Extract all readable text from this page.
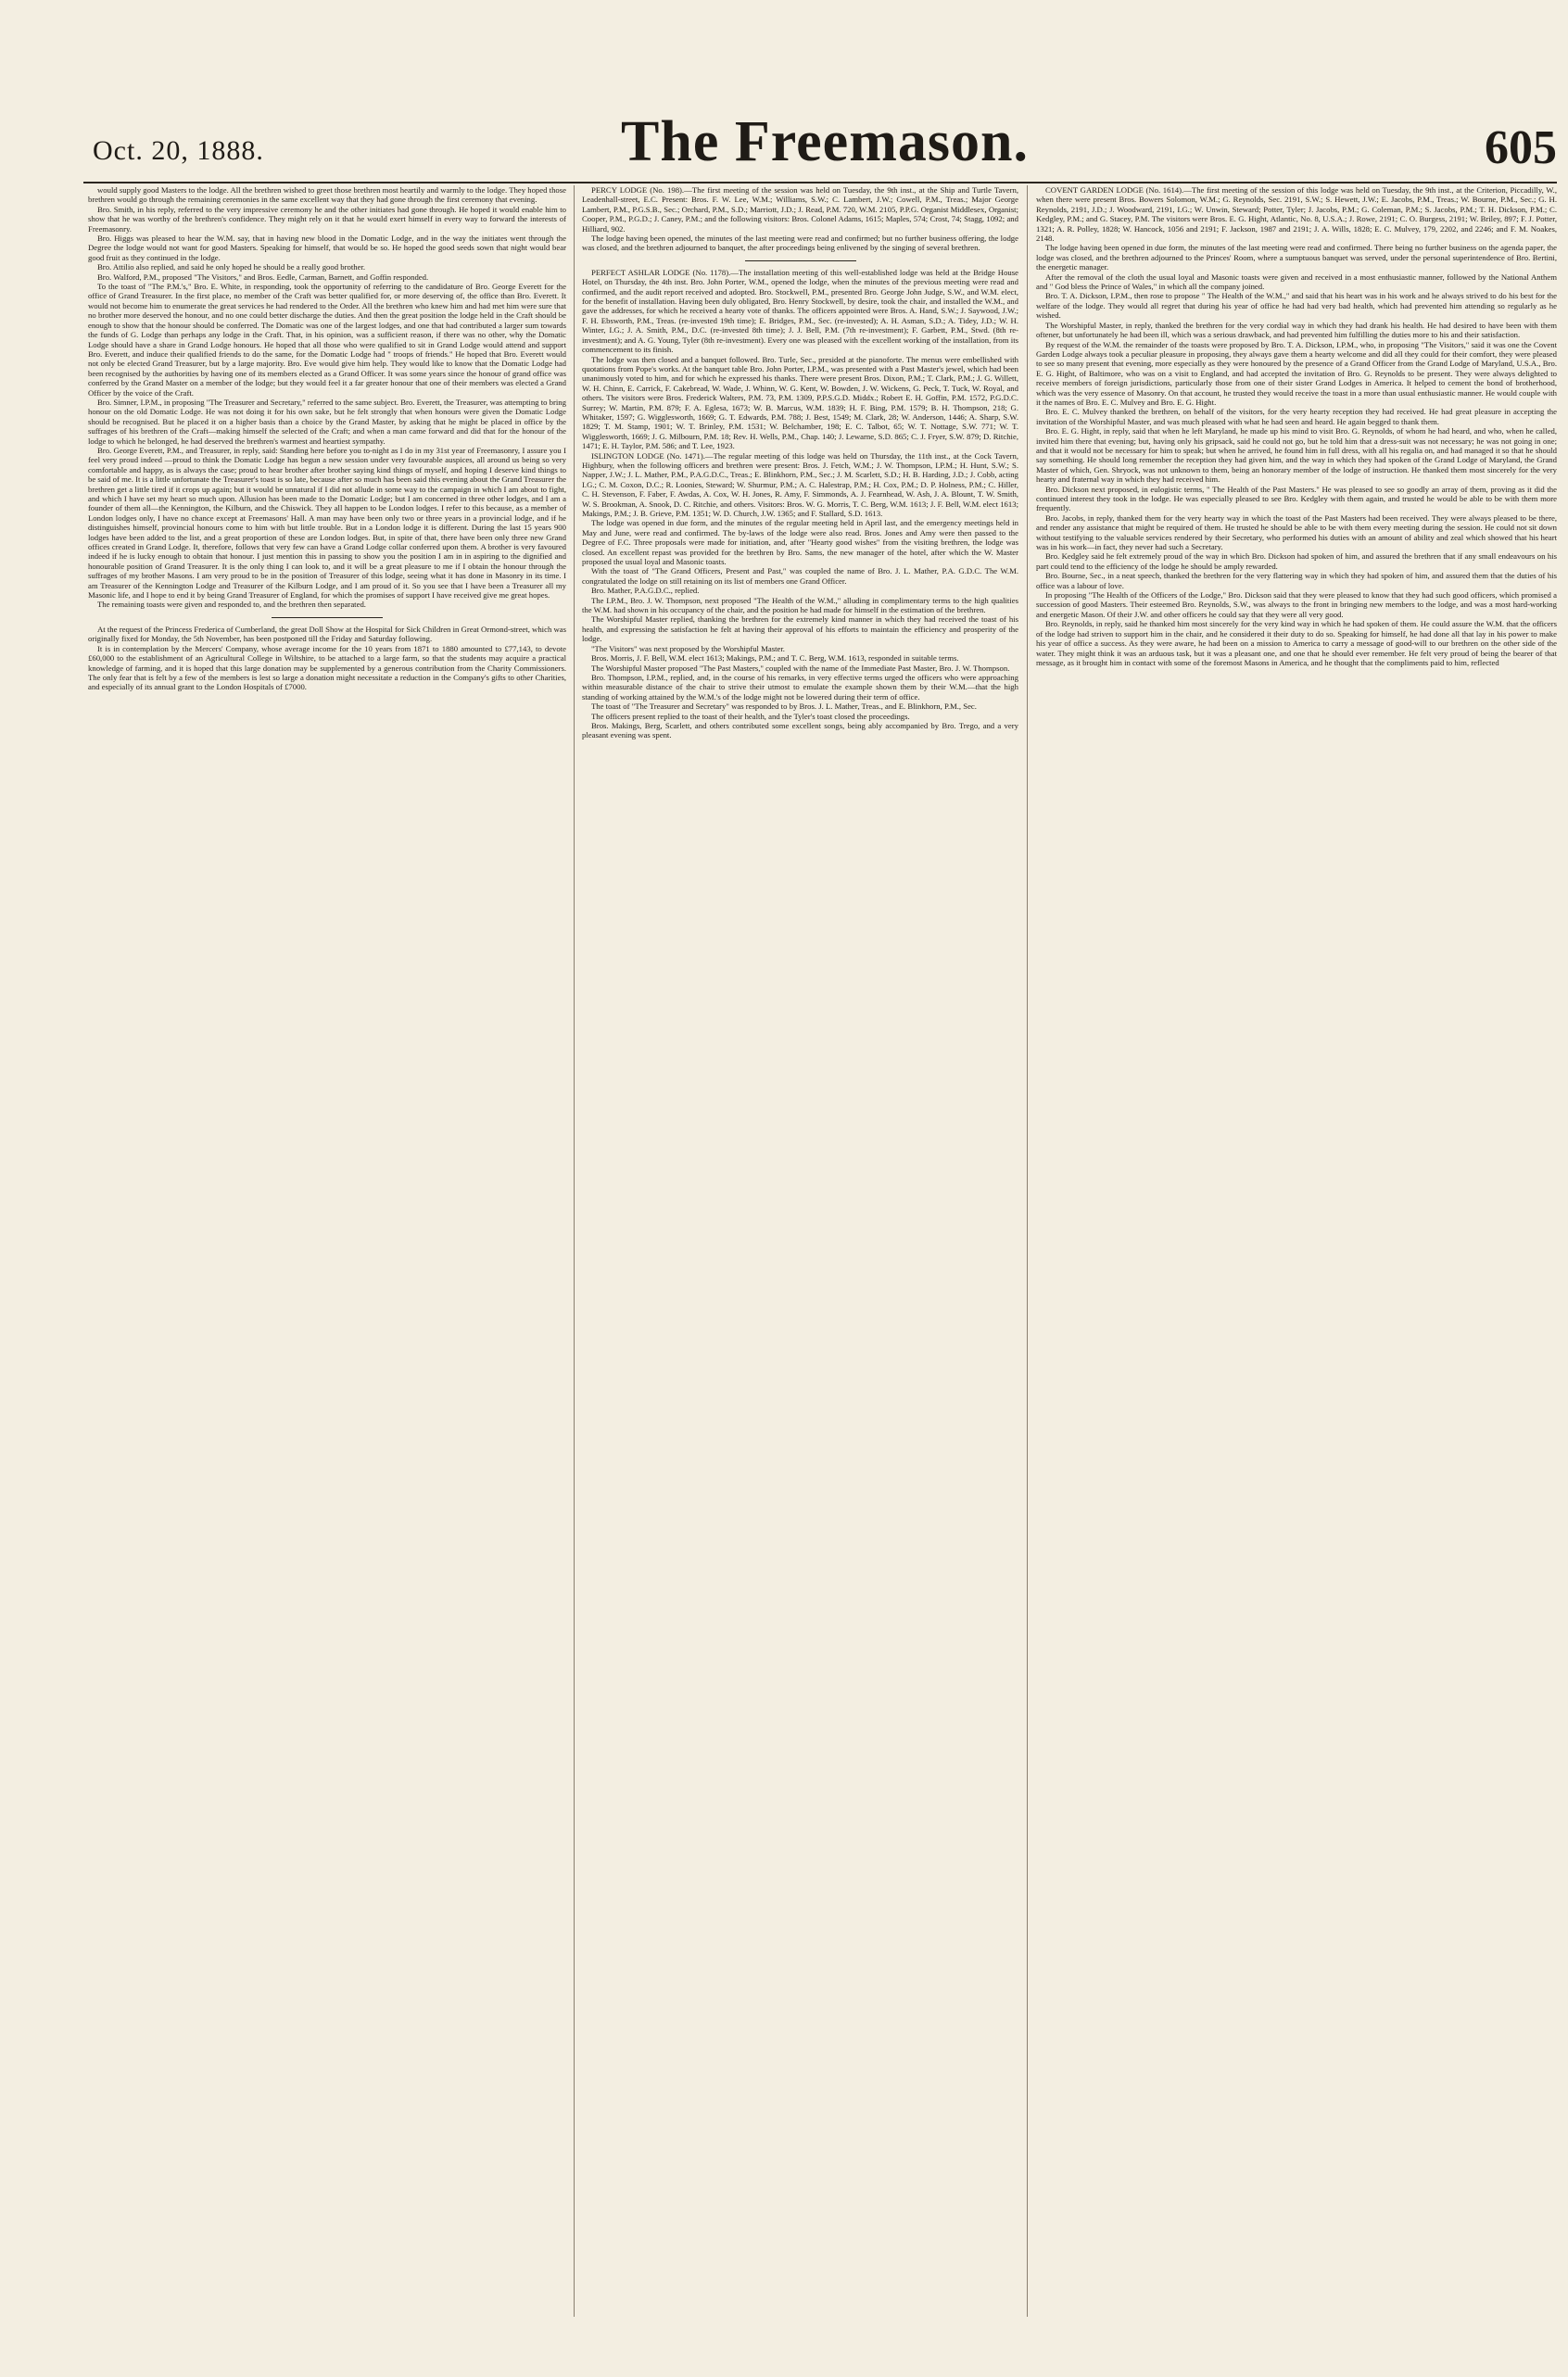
Oct. 20, 1888.	The Freemason.	605

would supply good Masters to the lodge. All the brethren wished to greet those brethren most heartily and warmly to the lodge. They hoped those brethren would go through the remaining ceremonies in the same excellent way that they had gone through the first ceremony that evening.

Bro. Smith, in his reply, referred to the very impressive ceremony he and the other initiates had gone through. He hoped it would enable him to show that he was worthy of the brethren's confidence. They might rely on it that he would exert himself in every way to forward the interests of Freemasonry.

Bro. Higgs was pleased to hear the W.M. say, that in having new blood in the Domatic Lodge, and in the way the initiates went through the Degree the lodge would not want for good Masters. Speaking for himself, that would be so. He hoped the good seeds sown that night would bear good fruit as they continued in the lodge.

Bro. Attilio also replied, and said he only hoped he should be a really good brother.

Bro. Walford, P.M., proposed "The Visitors," and Bros. Eedle, Carman, Barnett, and Goffin responded.

To the toast of "The P.M.'s," Bro. E. White, in responding, took the opportunity of referring to the candidature of Bro. George Everett for the office of Grand Treasurer. In the first place, no member of the Craft was better qualified for, or more deserving of, the office than Bro. Everett. It would not become him to enumerate the great services he had rendered to the Order. All the brethren who knew him and had met him were sure that no brother more deserved the honour, and no one could better discharge the duties. And then the great position the lodge held in the Craft should be enough to show that the honour should be conferred. The Domatic was one of the largest lodges, and one that had contributed a larger sum towards the funds of G. Lodge than perhaps any lodge in the Craft. That, in his opinion, was a sufficient reason, if there was no other, why the Domatic Lodge should have a share in Grand Lodge honours. He hoped that all those who were qualified to sit in Grand Lodge would attend and support Bro. Everett, and induce their qualified friends to do the same, for the Domatic Lodge had " troops of friends." He hoped that Bro. Everett would not only be elected Grand Treasurer, but by a large majority. Bro. Eve would give him help. They would like to know that the Domatic Lodge had been recognised by the authorities by having one of its members elected as a Grand Officer. It was some years since the honour of grand office was conferred by the Grand Master on a member of the lodge; but they would feel it a far greater honour that one of their members was elected a Grand Officer by the voice of the Craft.

Bro. Simner, I.P.M., in proposing "The Treasurer and Secretary," referred to the same subject. Bro. Everett, the Treasurer, was attempting to bring honour on the old Domatic Lodge. He was not doing it for his own sake, but he felt strongly that when honours were given the Domatic Lodge should be recognised. But he placed it on a higher basis than a choice by the Grand Master, by asking that he might be placed in office by the suffrages of his brethren of the Craft—making himself the selected of the Craft; and when a man came forward and did that for the honour of the lodge to which he belonged, he had deserved the brethren's warmest and heartiest sympathy.

Bro. George Everett, P.M., and Treasurer, in reply, said: Standing here before you to-night as I do in my 31st year of Freemasonry, I assure you I feel very proud indeed —proud to think the Domatic Lodge has begun a new session under very favourable auspices, all around us being so very comfortable and happy, as is always the case; proud to hear brother after brother saying kind things of myself, and hoping I deserve kind things to be said of me. It is a little unfortunate the Treasurer's toast is so late, because after so much has been said this evening about the Grand Treasurer the brethren get a little tired if it crops up again; but it would be unnatural if I did not allude in some way to the campaign in which I am about to fight, and which I have set my heart so much upon. Allusion has been made to the Domatic Lodge; but I am concerned in three other lodges, and I am a founder of them all—the Kennington, the Kilburn, and the Chiswick. They all happen to be London lodges. I refer to this because, as a member of London lodges only, I have no chance except at Freemasons' Hall. A man may have been only two or three years in a provincial lodge, and if he distinguishes himself, provincial honours come to him with but little trouble. But in a London lodge it is different. During the last 15 years 900 lodges have been added to the list, and a great proportion of these are London lodges. But, in spite of that, there have been only three new Grand offices created in Grand Lodge. It, therefore, follows that very few can have a Grand Lodge collar conferred upon them. A brother is very favoured indeed if he is lucky enough to obtain that honour. I just mention this in passing to show you the position I am in in aspiring to the dignified and honourable position of Grand Treasurer. It is the only thing I can look to, and it will be a great pleasure to me if I obtain the honour through the suffrages of my brother Masons. I am very proud to be in the position of Treasurer of this lodge, seeing what it has done in Masonry in its time. I am Treasurer of the Kennington Lodge and Treasurer of the Kilburn Lodge, and I am proud of it. So you see that I have been a Treasurer all my Masonic life, and I hope to end it by being Grand Treasurer of England, for which the promises of support I have received give me great hopes.

The remaining toasts were given and responded to, and the brethren then separated.

At the request of the Princess Frederica of Cumberland, the great Doll Show at the Hospital for Sick Children in Great Ormond-street, which was originally fixed for Monday, the 5th November, has been postponed till the Friday and Saturday following.

It is in contemplation by the Mercers' Company, whose average income for the 10 years from 1871 to 1880 amounted to £77,143, to devote £60,000 to the establishment of an Agricultural College in Wiltshire, to be attached to a large farm, so that the students may acquire a practical knowledge of farming, and it is hoped that this large donation may be supplemented by a generous contribution from the Charity Commissioners. The only fear that is felt by a few of the members is lest so large a donation might necessitate a reduction in the Company's gifts to other Charities, and especially of its annual grant to the London Hospitals of £7000.

PERCY LODGE (No. 198).—The first meeting of the session was held on Tuesday, the 9th inst., at the Ship and Turtle Tavern, Leadenhall-street, E.C. Present: Bros. F. W. Lee, W.M.; Williams, S.W.; C. Lambert, J.W.; Cowell, P.M., Treas.; Major George Lambert, P.M., P.G.S.B., Sec.; Orchard, P.M., S.D.; Marriott, J.D.; J. Read, P.M. 720, W.M. 2105, P.P.G. Organist Middlesex, Organist; Cooper, P.M., P.G.D.; J. Caney, P.M.; and the following visitors: Bros. Colonel Adams, 1615; Maples, 574; Crost, 74; Stagg, 1092; and Hilliard, 902.

The lodge having been opened, the minutes of the last meeting were read and confirmed; but no further business offering, the lodge was closed, and the brethren adjourned to banquet, the after proceedings being enlivened by the singing of several brethren.

PERFECT ASHLAR LODGE (No. 1178).—The installation meeting of this well-established lodge was held at the Bridge House Hotel, on Thursday, the 4th inst. Bro. John Porter, W.M., opened the lodge, when the minutes of the previous meeting were read and confirmed, and the audit report received and adopted. Bro. Stockwell, P.M., presented Bro. George John Judge, S.W., and W.M. elect, for the benefit of installation. Having been duly obligated, Bro. Henry Stockwell, by desire, took the chair, and installed the W.M., and gave the addresses, for which he received a hearty vote of thanks. The officers appointed were Bros. A. Hand, S.W.; J. Saywood, J.W.; F. H. Ebsworth, P.M., Treas. (re-invested 19th time); E. Bridges, P.M., Sec. (re-invested); A. H. Asman, S.D.; A. Tidey, J.D.; W. H. Winter, I.G.; J. A. Smith, P.M., D.C. (re-invested 8th time); J. J. Bell, P.M. (7th re-investment); F. Garbett, P.M., Stwd. (8th re-investment); and A. G. Young, Tyler (8th re-investment). Every one was pleased with the excellent working of the installation, from its commencement to its finish.

The lodge was then closed and a banquet followed. Bro. Turle, Sec., presided at the pianoforte. The menus were embellished with quotations from Pope's works. At the banquet table Bro. John Porter, I.P.M., was presented with a Past Master's jewel, which had been unanimously voted to him, and for which he expressed his thanks. There were present Bros. Dixon, P.M.; T. Clark, P.M.; J. G. Willett, W. H. Chinn, E. Carrick, F. Cakebread, W. Wade, J. Whinn, W. G. Kent, W. Bowden, J. W. Wickens, G. Peck, T. Tuck, W. Royal, and others. The visitors were Bros. Frederick Walters, P.M. 73, P.M. 1309, P.P.S.G.D. Middx.; Robert E. H. Goffin, P.M. 1572, P.G.D.C. Surrey; W. Martin, P.M. 879; F. A. Eglesa, 1673; W. B. Marcus, W.M. 1839; H. F. Bing, P.M. 1579; B. H. Thompson, 218; G. Whitaker, 1597; G. Wigglesworth, 1669; G. T. Edwards, P.M. 788; J. Best, 1549; M. Clark, 28; W. Anderson, 1446; A. Sharp, S.W. 1829; T. M. Stamp, 1901; W. T. Brinley, P.M. 1531; W. Belchamber, 198; E. C. Talbot, 65; W. T. Nottage, S.W. 771; W. T. Wigglesworth, 1669; J. G. Milbourn, P.M. 18; Rev. H. Wells, P.M., Chap. 140; J. Lewarne, S.D. 865; C. J. Fryer, S.W. 879; D. Ritchie, 1471; E. H. Taylor, P.M. 586; and T. Lee, 1923.

ISLINGTON LODGE (No. 1471).—The regular meeting of this lodge was held on Thursday, the 11th inst., at the Cock Tavern, Highbury, when the following officers and brethren were present: Bros. J. Fetch, W.M.; J. W. Thompson, I.P.M.; H. Hunt, S.W.; S. Napper, J.W.; J. L. Mather, P.M., P.A.G.D.C., Treas.; E. Blinkhorn, P.M., Sec.; J. M. Scarlett, S.D.; H. B. Harding, J.D.; J. Cobb, acting I.G.; C. M. Coxon, D.C.; R. Loonies, Steward; W. Shurmur, P.M.; A. C. Halestrap, P.M.; H. Cox, P.M.; D. P. Holness, P.M.; C. Hiller, C. H. Stevenson, F. Faber, F. Awdas, A. Cox, W. H. Jones, R. Amy, F. Simmonds, A. J. Fearnhead, W. Ash, J. A. Blount, T. W. Smith, W. S. Brookman, A. Snook, D. C. Ritchie, and others. Visitors: Bros. W. G. Morris, T. C. Berg, W.M. 1613; J. F. Bell, W.M. elect 1613; Makings, P.M.; J. B. Grieve, P.M. 1351; W. D. Church, J.W. 1365; and F. Stallard, S.D. 1613.

The lodge was opened in due form, and the minutes of the regular meeting held in April last, and the emergency meetings held in May and June, were read and confirmed. The by-laws of the lodge were also read. Bros. Jones and Amy were then passed to the Degree of F.C. Three proposals were made for initiation, and, after "Hearty good wishes" from the visiting brethren, the lodge was closed. An excellent repast was provided for the brethren by Bro. Sams, the new manager of the hotel, after which the W. Master proposed the usual loyal and Masonic toasts.

With the toast of "The Grand Officers, Present and Past," was coupled the name of Bro. J. L. Mather, P.A. G.D.C. The W.M. congratulated the lodge on still retaining on its list of members one Grand Officer.

Bro. Mather, P.A.G.D.C., replied.

The I.P.M., Bro. J. W. Thompson, next proposed "The Health of the W.M.," alluding in complimentary terms to the high qualities the W.M. had shown in his occupancy of the chair, and the position he had made for himself in the estimation of the brethren.

The Worshipful Master replied, thanking the brethren for the extremely kind manner in which they had received the toast of his health, and expressing the satisfaction he felt at having their approval of his efforts to maintain the efficiency and prosperity of the lodge.

"The Visitors" was next proposed by the Worshipful Master.

Bros. Morris, J. F. Bell, W.M. elect 1613; Makings, P.M.; and T. C. Berg, W.M. 1613, responded in suitable terms.

The Worshipful Master proposed "The Past Masters," coupled with the name of the Immediate Past Master, Bro. J. W. Thompson.

Bro. Thompson, I.P.M., replied, and, in the course of his remarks, in very effective terms urged the officers who were approaching within measurable distance of the chair to strive their utmost to emulate the example shown them by their W.M.—that the high standing of working attained by the W.M.'s of the lodge might not be lowered during their term of office.

The toast of "The Treasurer and Secretary" was responded to by Bros. J. L. Mather, Treas., and E. Blinkhorn, P.M., Sec.

The officers present replied to the toast of their health, and the Tyler's toast closed the proceedings.

Bros. Makings, Berg, Scarlett, and others contributed some excellent songs, being ably accompanied by Bro. Trego, and a very pleasant evening was spent.

COVENT GARDEN LODGE (No. 1614).—The first meeting of the session of this lodge was held on Tuesday, the 9th inst., at the Criterion, Piccadilly, W., when there were present Bros. Bowers Solomon, W.M.; G. Reynolds, Sec. 2191, S.W.; S. Hewett, J.W.; E. Jacobs, P.M., Treas.; W. Bourne, P.M., Sec.; G. H. Reynolds, 2191, J.D.; J. Woodward, 2191, I.G.; W. Unwin, Steward; Potter, Tyler; J. Jacobs, P.M.; G. Coleman, P.M.; S. Jacobs, P.M.; T. H. Dickson, P.M.; C. Kedgley, P.M.; and G. Stacey, P.M. The visitors were Bros. E. G. Hight, Atlantic, No. 8, U.S.A.; J. Rowe, 2191; C. O. Burgess, 2191; W. Briley, 897; F. J. Potter, 1321; A. R. Polley, 1828; W. Hancock, 1056 and 2191; F. Jackson, 1987 and 2191; J. A. Wills, 1828; E. C. Mulvey, 179, 2202, and 2246; and F. M. Noakes, 2148.

The lodge having been opened in due form, the minutes of the last meeting were read and confirmed. There being no further business on the agenda paper, the lodge was closed, and the brethren adjourned to the Princes' Room, where a sumptuous banquet was served, under the personal superintendence of Bro. Bertini, the energetic manager.

After the removal of the cloth the usual loyal and Masonic toasts were given and received in a most enthusiastic manner, followed by the National Anthem and " God bless the Prince of Wales," in which all the company joined.

Bro. T. A. Dickson, I.P.M., then rose to propose " The Health of the W.M.," and said that his heart was in his work and he always strived to do his best for the welfare of the lodge. They would all regret that during his year of office he had had very bad health, which had prevented him attending so regularly as he wished.

The Worshipful Master, in reply, thanked the brethren for the very cordial way in which they had drank his health. He had desired to have been with them oftener, but unfortunately he had been ill, which was a serious drawback, and had prevented him fulfilling the duties more to his and their satisfaction.

By request of the W.M. the remainder of the toasts were proposed by Bro. T. A. Dickson, I.P.M., who, in proposing "The Visitors," said it was one the Covent Garden Lodge always took a peculiar pleasure in proposing, they always gave them a hearty welcome and did all they could for their comfort, they were pleased to see so many present that evening, more especially as they were honoured by the presence of a Grand Officer from the Grand Lodge of Maryland, U.S.A., Bro. E. G. Hight, of Baltimore, who was on a visit to England, and had accepted the invitation of Bro. G. Reynolds to be present. They were always delighted to receive members of foreign jurisdictions, particularly those from one of their sister Grand Lodges in America. It helped to cement the bond of brotherhood, which was the very essence of Masonry. On that account, he trusted they would receive the toast in a more than usual enthusiastic manner. He would couple with it the names of Bro. E. C. Mulvey and Bro. E. G. Hight.

Bro. E. C. Mulvey thanked the brethren, on behalf of the visitors, for the very hearty reception they had received. He had great pleasure in accepting the invitation of the Worshipful Master, and was much pleased with what he had seen and heard. He again begged to thank them.

Bro. E. G. Hight, in reply, said that when he left Maryland, he made up his mind to visit Bro. G. Reynolds, of whom he had heard, and who, when he called, invited him there that evening; but, having only his gripsack, said he could not go, but he told him that a dress-suit was not necessary; he was not going in one; and that it would not be necessary for him to speak; but when he arrived, he found him in full dress, with all his regalia on, and had managed it so that he should say something. He should long remember the reception they had given him, and the way in which they had spoken of the Grand Lodge of Maryland, the Grand Master of which, Gen. Shryock, was not unknown to them, being an honorary member of the lodge of instruction. He thanked them most sincerely for the very hearty and fraternal way in which they had received him.

Bro. Dickson next proposed, in eulogistic terms, " The Health of the Past Masters." He was pleased to see so goodly an array of them, proving as it did the continued interest they took in the lodge. He was especially pleased to see Bro. Kedgley with them again, and trusted he would be able to be with them more frequently.

Bro. Jacobs, in reply, thanked them for the very hearty way in which the toast of the Past Masters had been received. They were always pleased to be there, and render any assistance that might be required of them. He trusted he should be able to be with them every meeting during the session. He could not sit down without testifying to the valuable services rendered by their Secretary, who performed his duties with an amount of ability and zeal which showed that his heart was in his work—in fact, they never had such a Secretary.

Bro. Kedgley said he felt extremely proud of the way in which Bro. Dickson had spoken of him, and assured the brethren that if any small endeavours on his part could tend to the efficiency of the lodge he should be amply rewarded.

Bro. Bourne, Sec., in a neat speech, thanked the brethren for the very flattering way in which they had spoken of him, and assured them that the duties of his office was a labour of love.

In proposing "The Health of the Officers of the Lodge," Bro. Dickson said that they were pleased to know that they had such good officers, which promised a succession of good Masters. Their esteemed Bro. Reynolds, S.W., was always to the front in bringing new members to the lodge, and was a most hard-working and energetic Mason. Of their J.W. and other officers he could say that they were all very good.

Bro. Reynolds, in reply, said he thanked him most sincerely for the very kind way in which he had spoken of them. He could assure the W.M. that the officers of the lodge had striven to support him in the chair, and he considered it their duty to do so. Speaking for himself, he had done all that lay in his power to make his year of office a success. As they were aware, he had been on a mission to America to carry a message of good-will to our brethren on the other side of the water. They might think it was an arduous task, but it was a pleasant one, and one that he should ever remember. He felt very proud of being the bearer of that message, as it brought him in contact with some of the foremost Masons in America, and he thought that the compliments paid to him, reflected
